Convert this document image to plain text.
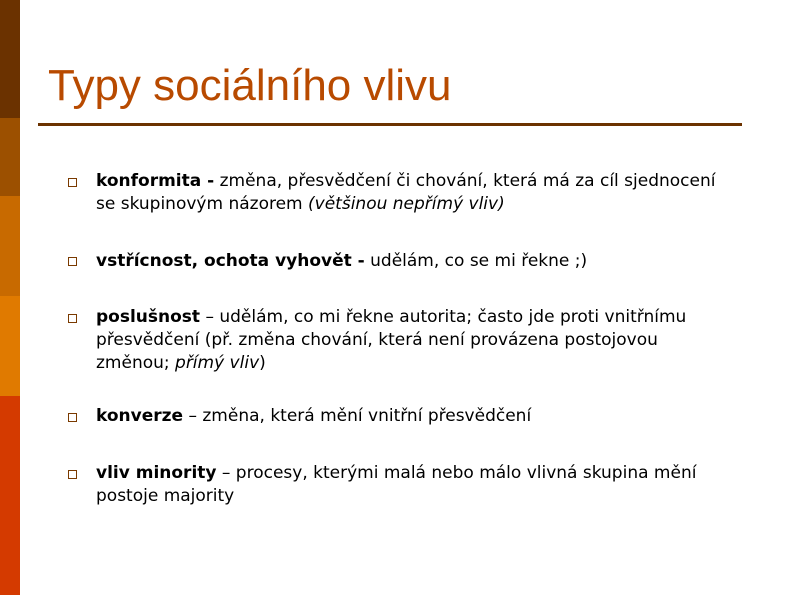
Typy sociálního vlivu

konformita - změna, přesvědčení či chování, která má za cíl sjednocení se skupinovým názorem (většinou nepřímý vliv)

vstřícnost, ochota vyhovět - udělám, co se mi řekne ;)

poslušnost – udělám, co mi řekne autorita; často jde proti vnitřnímu přesvědčení (př. změna chování, která není provázena postojovou změnou; přímý vliv)

konverze – změna, která mění vnitřní přesvědčení

vliv minority – procesy, kterými malá nebo málo vlivná skupina mění postoje majority
